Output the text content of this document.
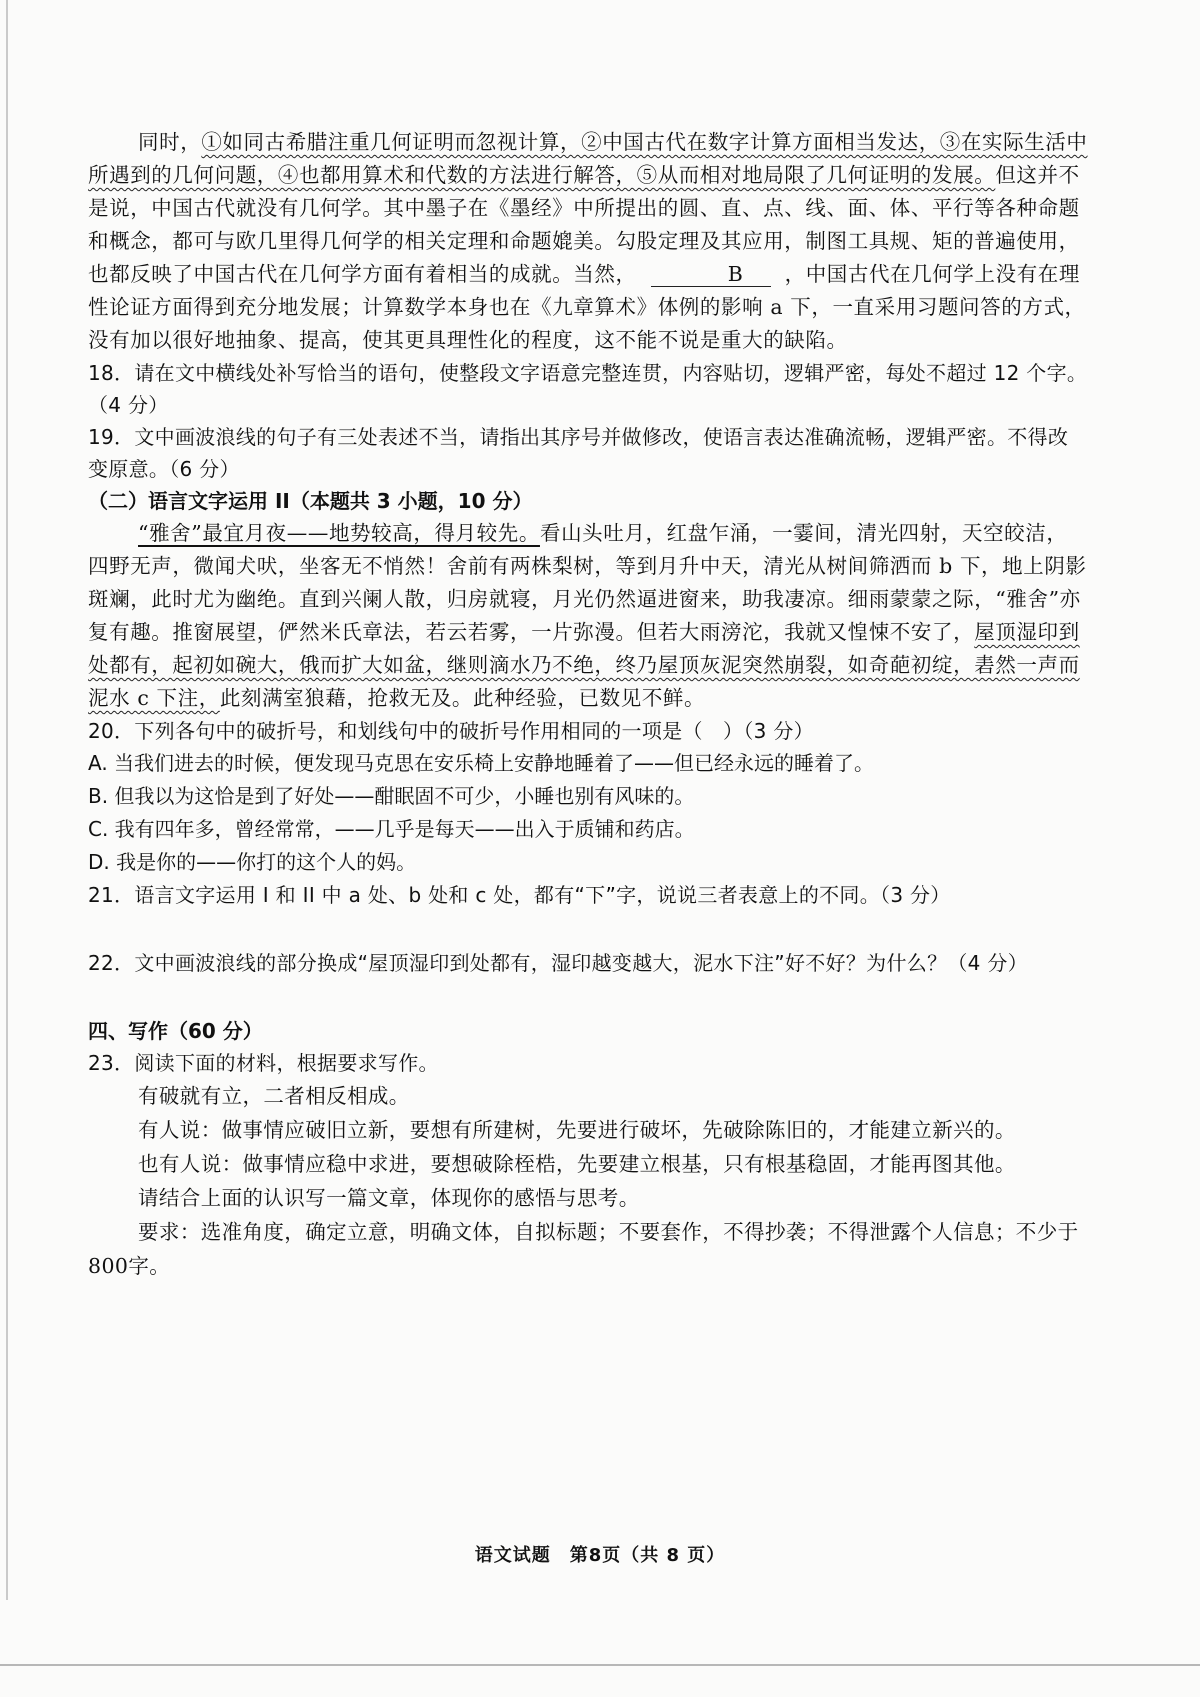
同时，①如同古希腊注重几何证明而忽视计算，②中国古代在数字计算方面相当发达，③在实际生活中所遇到的几何问题，④也都用算术和代数的方法进行解答，⑤从而相对地局限了几何证明的发展。但这并不是说，中国古代就没有几何学。其中墨子在《墨经》中所提出的圆、直、点、线、面、体、平行等各种命题和概念，都可与欧几里得几何学的相关定理和命题媲美。勾股定理及其应用，制图工具规、矩的普遍使用，也都反映了中国古代在几何学方面有着相当的成就。当然，	B ，中国古代在几何学上没有在理性论证方面得到充分地发展；计算数学本身也在《九章算术》体例的影响 a 下，一直采用习题问答的方式，没有加以很好地抽象、提高，使其更具理性化的程度，这不能不说是重大的缺陷。

18．请在文中横线处补写恰当的语句，使整段文字语意完整连贯，内容贴切，逻辑严密，每处不超过 12 个字。（4 分）

19．文中画波浪线的句子有三处表述不当，请指出其序号并做修改，使语言表达准确流畅，逻辑严密。不得改变原意。（6 分）

（二）语言文字运用 II（本题共 3 小题，10 分）

“雅舍”最宜月夜——地势较高，得月较先。看山头吐月，红盘乍涌，一霎间，清光四射，天空皎洁，四野无声，微闻犬吠，坐客无不悄然！舍前有两株梨树，等到月升中天，清光从树间筛洒而 b 下，地上阴影斑斓，此时尤为幽绝。直到兴阑人散，归房就寝，月光仍然逼进窗来，助我凄凉。细雨蒙蒙之际，“雅舍”亦复有趣。推窗展望，俨然米氏章法，若云若雾，一片弥漫。但若大雨滂沱，我就又惶悚不安了，屋顶湿印到处都有，起初如碗大，俄而扩大如盆，继则滴水乃不绝，终乃屋顶灰泥突然崩裂，如奇葩初绽，砉然一声而泥水 c 下注，此刻满室狼藉，抢救无及。此种经验，已数见不鲜。

20．下列各句中的破折号，和划线句中的破折号作用相同的一项是（　）（3 分）

A. 当我们进去的时候，便发现马克思在安乐椅上安静地睡着了——但已经永远的睡着了。

B. 但我以为这恰是到了好处——酣眠固不可少，小睡也别有风味的。

C. 我有四年多，曾经常常，——几乎是每天——出入于质铺和药店。

D. 我是你的——你打的这个人的妈。

21．语言文字运用 I 和 II 中 a 处、b 处和 c 处，都有“下”字，说说三者表意上的不同。（3 分）

22．文中画波浪线的部分换成“屋顶湿印到处都有，湿印越变越大，泥水下注”好不好？为什么？（4 分）

四、写作（60 分）

23．阅读下面的材料，根据要求写作。

有破就有立，二者相反相成。

有人说：做事情应破旧立新，要想有所建树，先要进行破坏，先破除陈旧的，才能建立新兴的。

也有人说：做事情应稳中求进，要想破除桎梏，先要建立根基，只有根基稳固，才能再图其他。

请结合上面的认识写一篇文章，体现你的感悟与思考。

要求：选准角度，确定立意，明确文体，自拟标题；不要套作，不得抄袭；不得泄露个人信息；不少于800字。

语文试题　第8页（共 8 页）
